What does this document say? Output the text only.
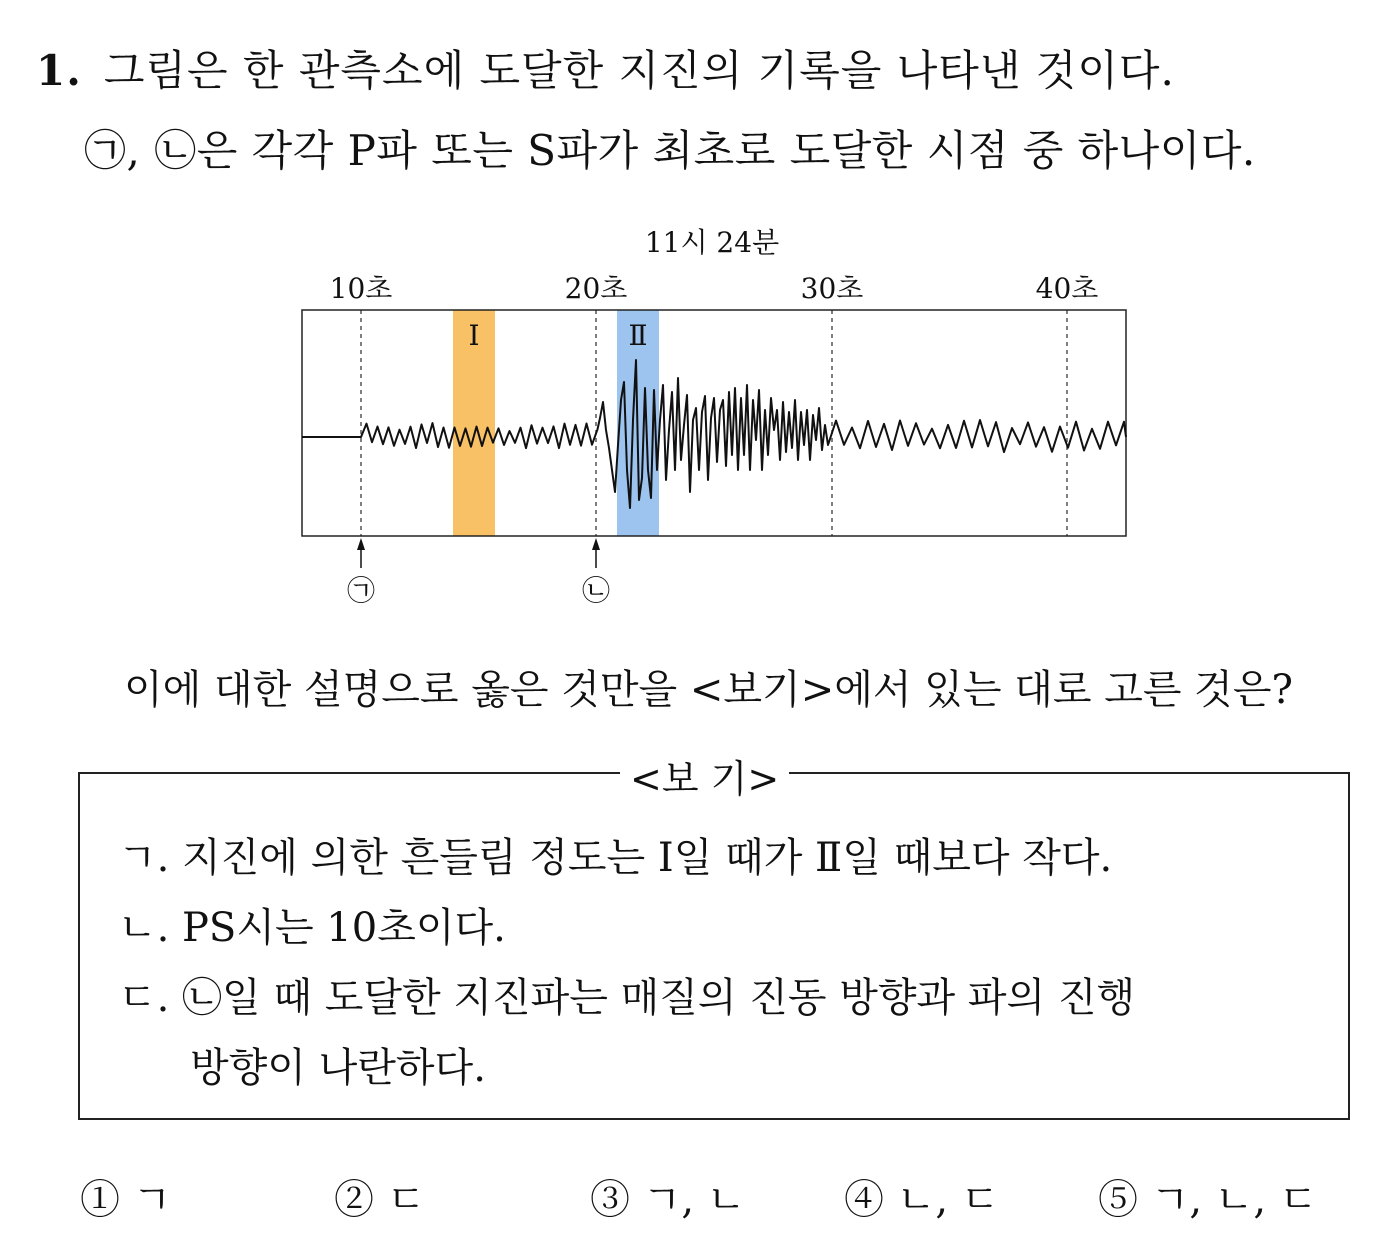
1. 그림은 한 관측소에 도달한 지진의 기록을 나타낸 것이다.
㉠, ㉡은 각각 P파 또는 S파가 최초로 도달한 시점 중 하나이다.
11시 24분
10초	20초	30초	40초
Ⅰ	Ⅱ
㉠	㉡
이에 대한 설명으로 옳은 것만을 <보기>에서 있는 대로 고른 것은?
<보 기>
ㄱ. 지진에 의한 흔들림 정도는 Ⅰ일 때가 Ⅱ일 때보다 작다.
ㄴ. PS시는 10초이다.
ㄷ. ㉡일 때 도달한 지진파는 매질의 진동 방향과 파의 진행
방향이 나란하다.
① ㄱ	② ㄷ	③ ㄱ, ㄴ ④ ㄴ, ㄷ ⑤ ㄱ, ㄴ, ㄷ
